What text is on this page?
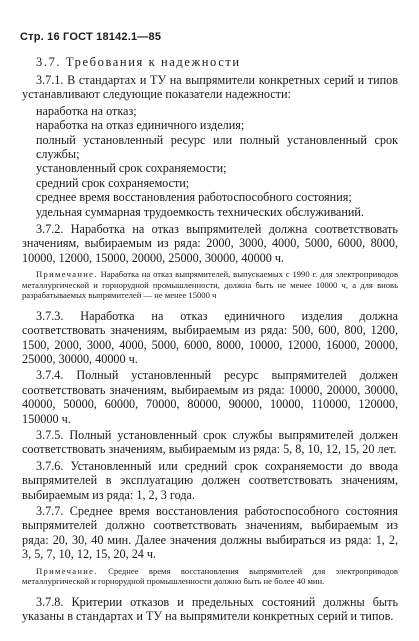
Стр. 16 ГОСТ 18142.1—85
3.7. Требования к надежности

3.7.1. В стандартах и ТУ на выпрямители конкретных серий и типов устанавливают следующие показатели надежности:

наработка на отказ;
наработка на отказ единичного изделия;
полный установленный ресурс или полный установленный срок службы;
установленный срок сохраняемости;
средний срок сохраняемости;
среднее время восстановления работоспособного состояния;
удельная суммарная трудоемкость технических обслуживаний.

3.7.2. Наработка на отказ выпрямителей должна соответствовать значениям, выбираемым из ряда: 2000, 3000, 4000, 5000, 6000, 8000, 10000, 12000, 15000, 20000, 25000, 30000, 40000 ч.

Примечание. Наработка на отказ выпрямителей, выпускаемых с 1990 г. для электроприводов металлургической и горнорудной промышленности, должна быть не менее 10000 ч, а для вновь разрабатываемых выпрямителей — не менее 15000 ч

3.7.3. Наработка на отказ единичного изделия должна соответствовать значениям, выбираемым из ряда: 500, 600, 800, 1200, 1500, 2000, 3000, 4000, 5000, 6000, 8000, 10000, 12000, 16000, 20000, 25000, 30000, 40000 ч.

3.7.4. Полный установленный ресурс выпрямителей должен соответствовать значениям, выбираемым из ряда: 10000, 20000, 30000, 40000, 50000, 60000, 70000, 80000, 90000, 10000, 110000, 120000, 150000 ч.

3.7.5. Полный установленный срок службы выпрямителей должен соответствовать значениям, выбираемым из ряда: 5, 8, 10, 12, 15, 20 лет.

3.7.6. Установленный или средний срок сохраняемости до ввода выпрямителей в эксплуатацию должен соответствовать значениям, выбираемым из ряда: 1, 2, 3 года.

3.7.7. Среднее время восстановления работоспособного состояния выпрямителей должно соответствовать значениям, выбираемым из ряда: 20, 30, 40 мин. Далее значения должны выбираться из ряда: 1, 2, 3, 5, 7, 10, 12, 15, 20, 24 ч.

Примечание. Среднее время восстановления выпрямителей для электроприводов металлургической и горнорудной промышленности должно быть не более 40 мин.

3.7.8. Критерии отказов и предельных состояний должны быть указаны в стандартах и ТУ на выпрямители конкретных серий и типов.
